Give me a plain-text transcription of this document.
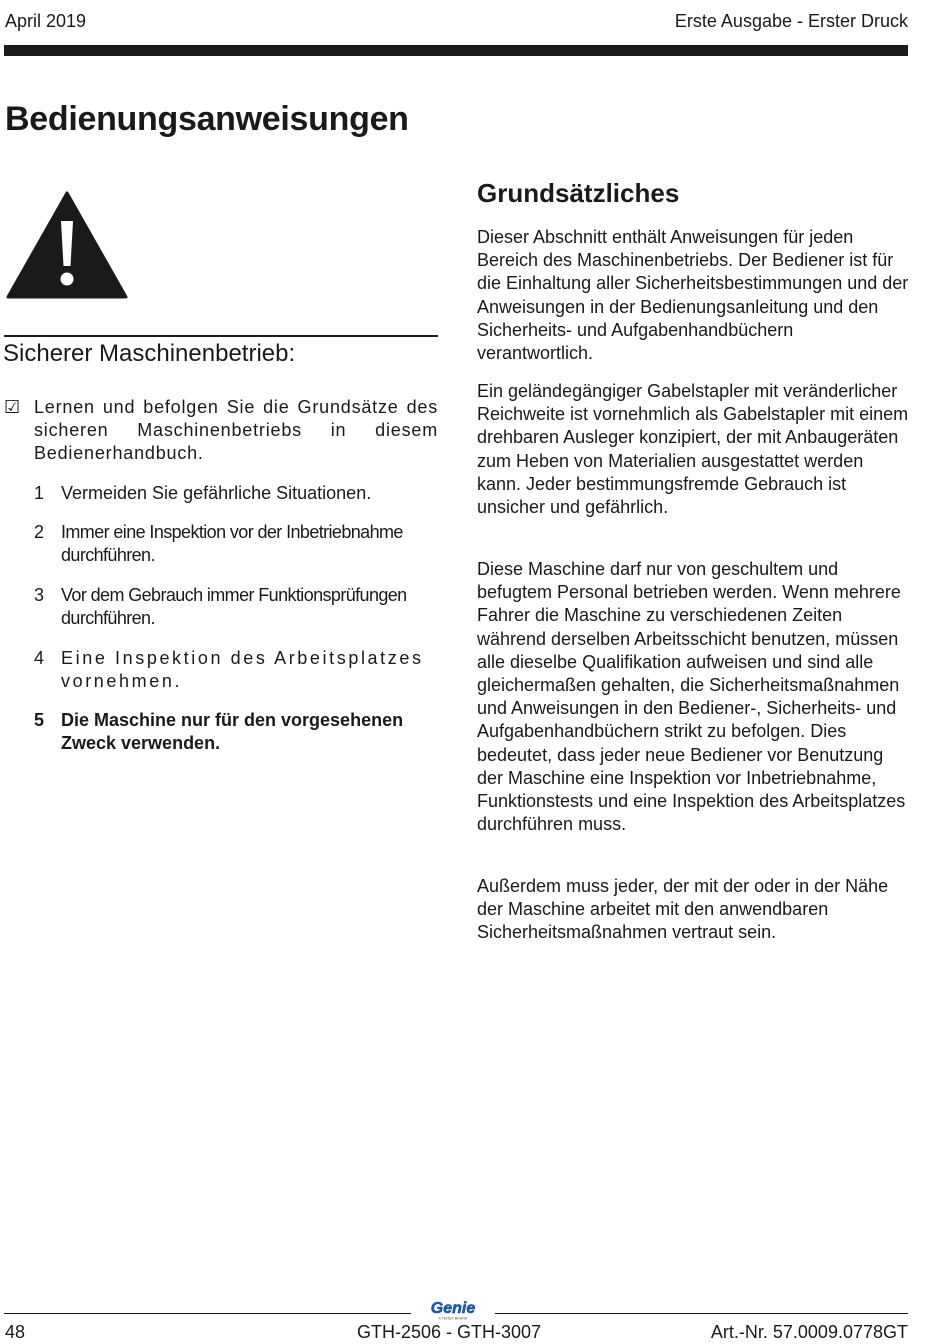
April 2019	Erste Ausgabe - Erster Druck
Bedienungsanweisungen
Sicherer Maschinenbetrieb:
☑ Lernen und befolgen Sie die Grundsätze des sicheren Maschinenbetriebs in diesem Bedienerhandbuch.
1 Vermeiden Sie gefährliche Situationen.
2 Immer eine Inspektion vor der Inbetriebnahme durchführen.
3 Vor dem Gebrauch immer Funktionsprüfungen durchführen.
4 Eine Inspektion des Arbeitsplatzes vornehmen.
5 Die Maschine nur für den vorgesehenen Zweck verwenden.
Grundsätzliches

Dieser Abschnitt enthält Anweisungen für jeden Bereich des Maschinenbetriebs. Der Bediener ist für die Einhaltung aller Sicherheitsbestimmungen und der Anweisungen in der Bedienungsanleitung und den Sicherheits- und Aufgabenhandbüchern verantwortlich.

Ein geländegängiger Gabelstapler mit veränderlicher Reichweite ist vornehmlich als Gabelstapler mit einem drehbaren Ausleger konzipiert, der mit Anbaugeräten zum Heben von Materialien ausgestattet werden kann. Jeder bestimmungsfremde Gebrauch ist unsicher und gefährlich.

Diese Maschine darf nur von geschultem und befugtem Personal betrieben werden. Wenn mehrere Fahrer die Maschine zu verschiedenen Zeiten während derselben Arbeitsschicht benutzen, müssen alle dieselbe Qualifikation aufweisen und sind alle gleichermaßen gehalten, die Sicherheitsmaßnahmen und Anweisungen in den Bediener-, Sicherheits- und Aufgabenhandbüchern strikt zu befolgen. Dies bedeutet, dass jeder neue Bediener vor Benutzung der Maschine eine Inspektion vor Inbetriebnahme, Funktionstests und eine Inspektion des Arbeitsplatzes durchführen muss.

Außerdem muss jeder, der mit der oder in der Nähe der Maschine arbeitet mit den anwendbaren Sicherheitsmaßnahmen vertraut sein.

Genie
A TEREX BRAND
48	GTH-2506 - GTH-3007	Art.-Nr. 57.0009.0778GT
